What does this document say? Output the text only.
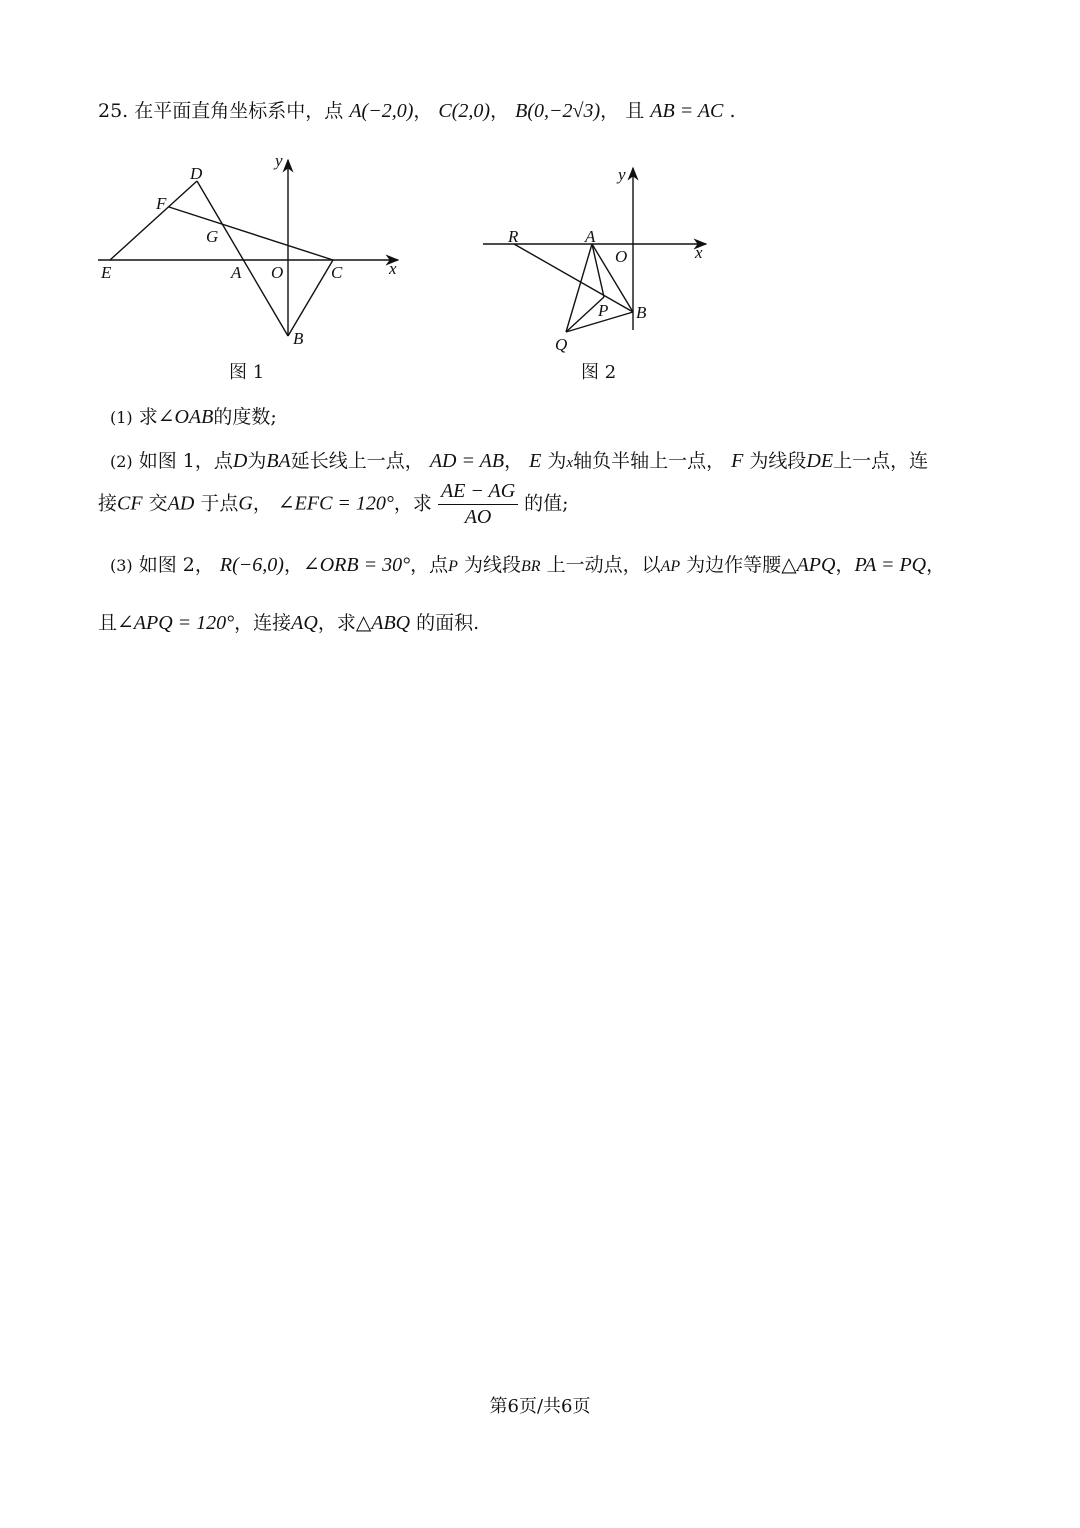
25. 在平面直角坐标系中，点 A(−2,0)， C(2,0)， B(0,−2√3)， 且 AB = AC .
D
F
G
E	A O	C
B
x
y
图 1
R	A
O
P B
Q
x
y
图 2
(1) 求∠OAB的度数;
(2) 如图 1，点D为BA延长线上一点， AD = AB， E 为x轴负半轴上一点， F 为线段DE上一点，连
接CF 交AD 于点G， ∠EFC = 120°，求 $\frac{AE - AG}{AO}$ 的值;
(3) 如图 2， R(−6,0)，∠ORB = 30°，点P 为线段BR 上一动点，以AP 为边作等腰△APQ，PA = PQ，
且∠APQ = 120°，连接AQ，求△ABQ 的面积.
第6页/共6页
